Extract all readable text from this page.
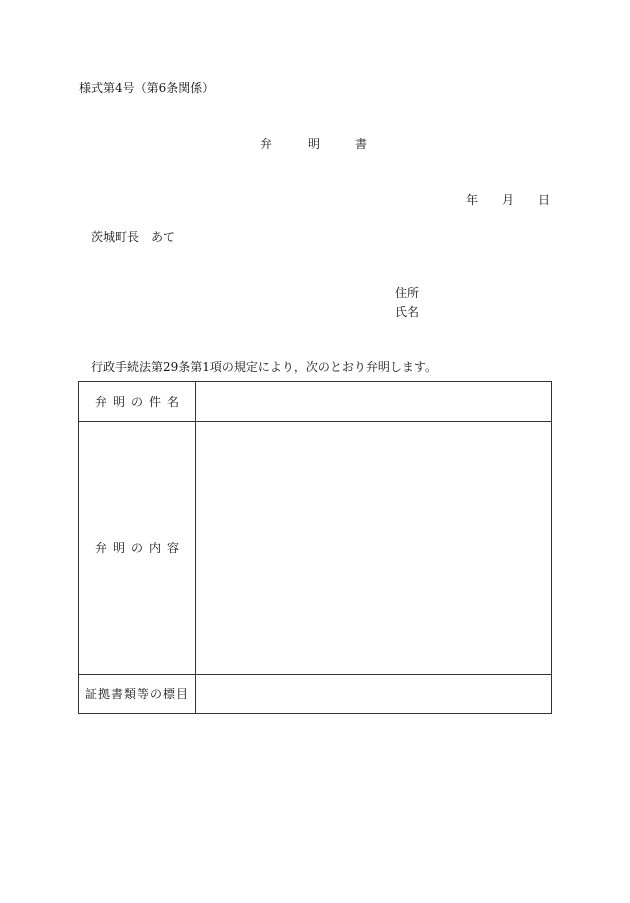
様式第4号（第6条関係）
弁	明	書
年 月 日
茨城町長　あて
住所
氏名
行政手続法第29条第1項の規定により，次のとおり弁明します。
弁明の件名	
弁明の内容	
証拠書類等の標目	
